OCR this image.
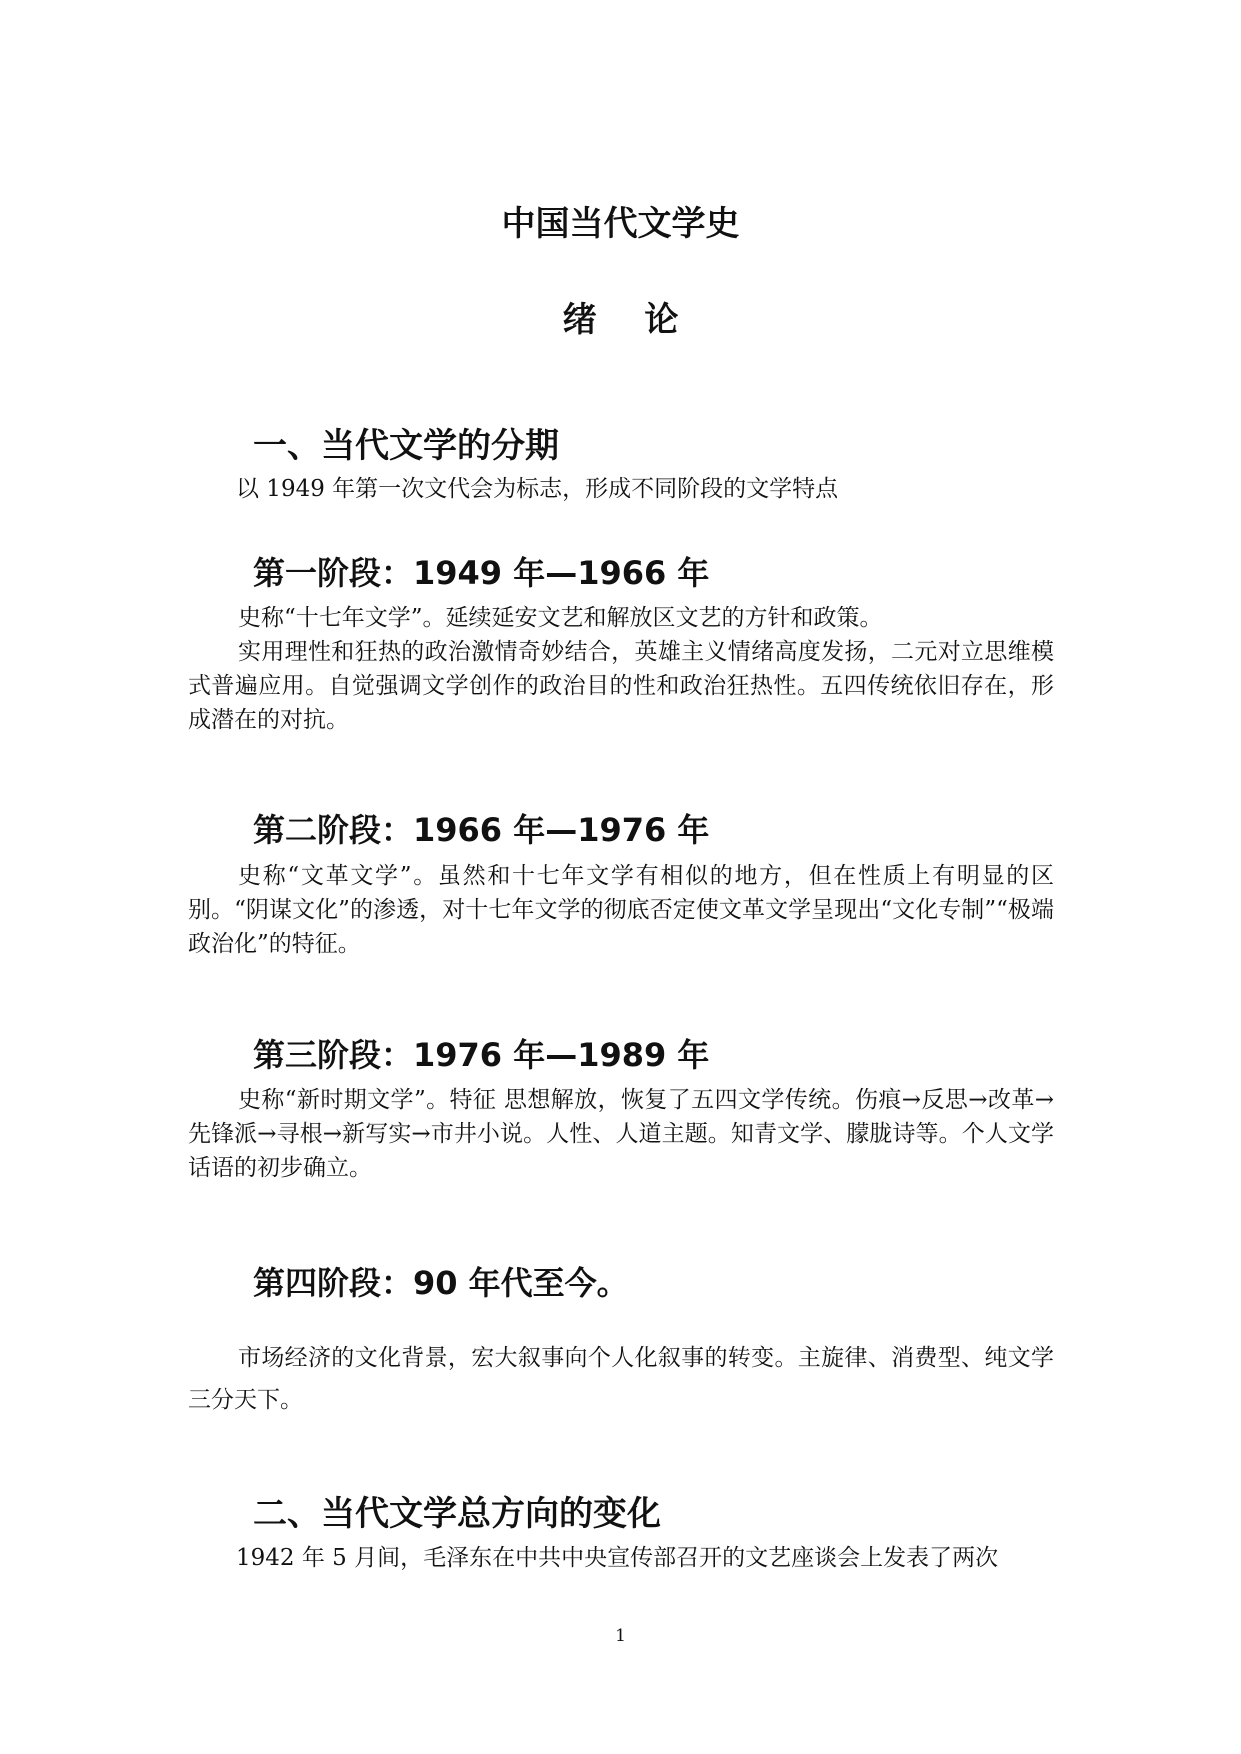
中国当代文学史
绪 论
一、当代文学的分期

以 1949 年第一次文代会为标志，形成不同阶段的文学特点

第一阶段：1949 年—1966 年

史称“十七年文学”。延续延安文艺和解放区文艺的方针和政策。

实用理性和狂热的政治激情奇妙结合，英雄主义情绪高度发扬，二元对立思维模式普遍应用。自觉强调文学创作的政治目的性和政治狂热性。五四传统依旧存在，形成潜在的对抗。

第二阶段：1966 年—1976 年

史称“文革文学”。虽然和十七年文学有相似的地方，但在性质上有明显的区别。“阴谋文化”的渗透，对十七年文学的彻底否定使文革文学呈现出“文化专制”“极端政治化”的特征。

第三阶段：1976 年—1989 年

史称“新时期文学”。特征 思想解放，恢复了五四文学传统。伤痕→反思→改革→先锋派→寻根→新写实→市井小说。人性、人道主题。知青文学、朦胧诗等。个人文学话语的初步确立。

第四阶段：90 年代至今。

市场经济的文化背景，宏大叙事向个人化叙事的转变。主旋律、消费型、纯文学三分天下。

二、当代文学总方向的变化

1942 年 5 月间，毛泽东在中共中央宣传部召开的文艺座谈会上发表了两次

1
